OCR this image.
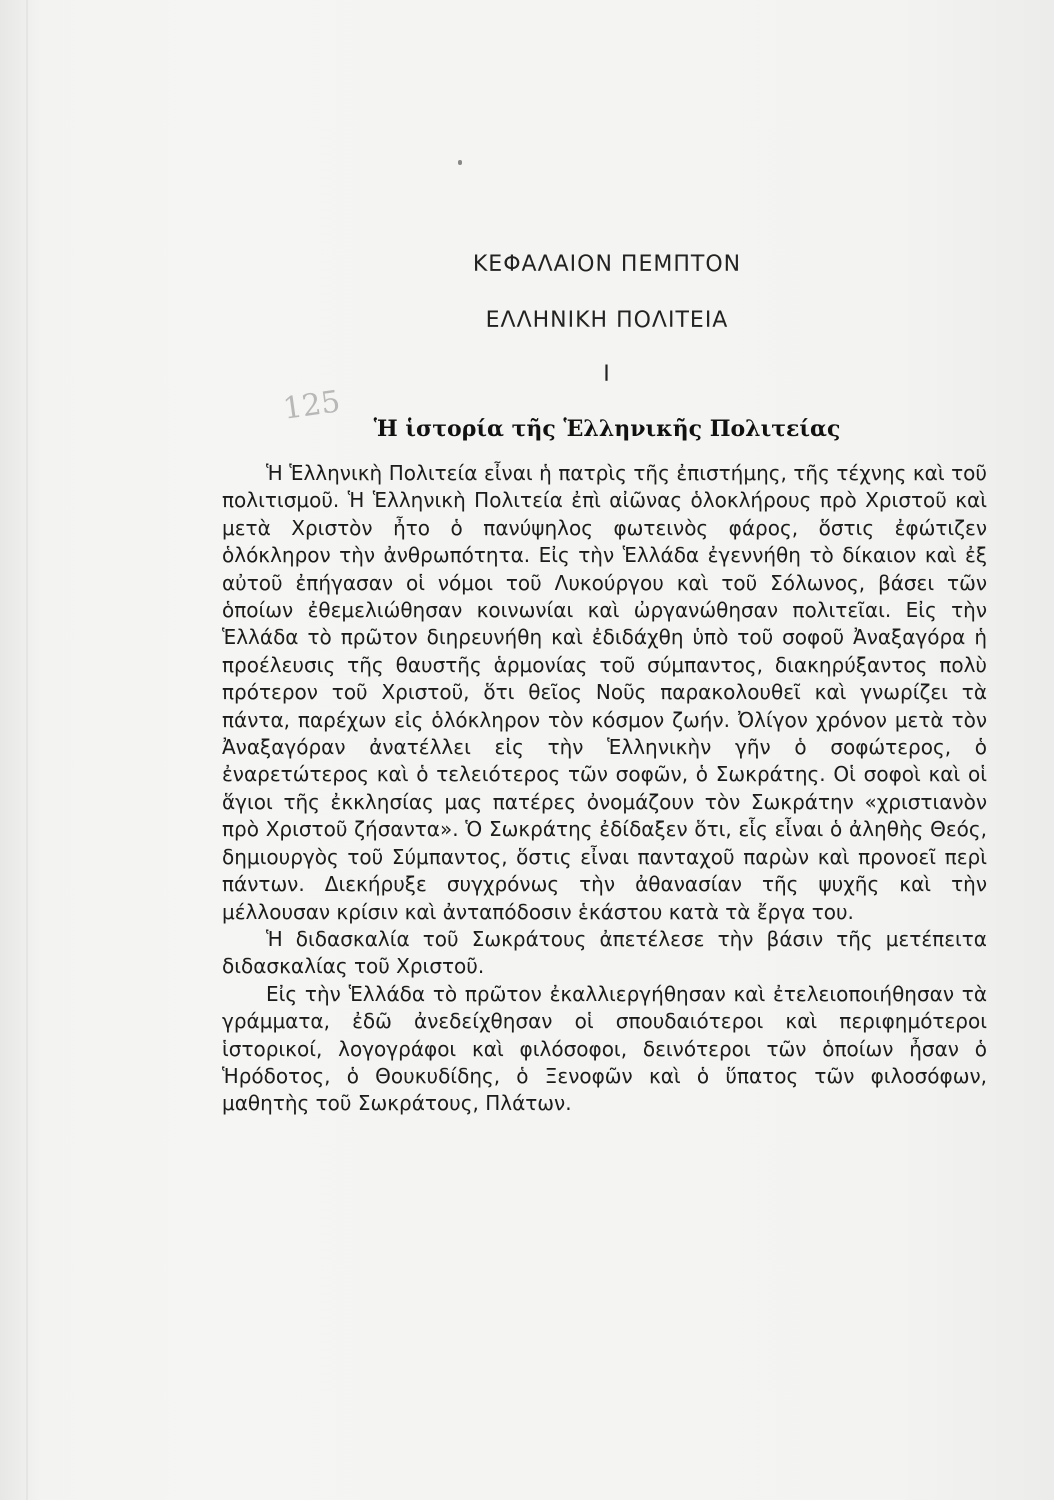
ΚΕΦΑΛΑΙΟΝ ΠΕΜΠΤΟΝ
ΕΛΛΗΝΙΚΗ ΠΟΛΙΤΕΙΑ
Ι
125
Ἡ ἱστορία τῆς Ἑλληνικῆς Πολιτείας

Ἡ Ἑλληνικὴ Πολιτεία εἶναι ἡ πατρὶς τῆς ἐπιστήμης, τῆς τέχνης καὶ τοῦ πολιτισμοῦ. Ἡ Ἑλληνικὴ Πολιτεία ἐπὶ αἰῶνας ὁλοκλήρους πρὸ Χριστοῦ καὶ μετὰ Χριστὸν ἦτο ὁ πανύψηλος φωτεινὸς φάρος, ὅστις ἐφώτιζεν ὁλόκληρον τὴν ἀνθρωπότητα. Εἰς τὴν Ἑλλάδα ἐγεννήθη τὸ δίκαιον καὶ ἐξ αὐτοῦ ἐπήγασαν οἱ νόμοι τοῦ Λυκούργου καὶ τοῦ Σόλωνος, βάσει τῶν ὁποίων ἐθεμελιώθησαν κοινωνίαι καὶ ὠργανώθησαν πολιτεῖαι. Εἰς τὴν Ἑλλάδα τὸ πρῶτον διηρευνήθη καὶ ἐδιδάχθη ὑπὸ τοῦ σοφοῦ Ἀναξαγόρα ἡ προέλευσις τῆς θαυστῆς ἁρμονίας τοῦ σύμπαντος, διακηρύξαντος πολὺ πρότερον τοῦ Χριστοῦ, ὅτι θεῖος Νοῦς παρακολουθεῖ καὶ γνωρίζει τὰ πάντα, παρέχων εἰς ὁλόκληρον τὸν κόσμον ζωήν. Ὀλίγον χρόνον μετὰ τὸν Ἀναξαγόραν ἀνατέλλει εἰς τὴν Ἑλληνικὴν γῆν ὁ σοφώτερος, ὁ ἐναρετώτερος καὶ ὁ τελειότερος τῶν σοφῶν, ὁ Σωκράτης. Οἱ σοφοὶ καὶ οἱ ἅγιοι τῆς ἐκκλησίας μας πατέρες ὀνομάζουν τὸν Σωκράτην «χριστιανὸν πρὸ Χριστοῦ ζήσαντα». Ὁ Σωκράτης ἐδίδαξεν ὅτι, εἷς εἶναι ὁ ἀληθὴς Θεός, δημιουργὸς τοῦ Σύμπαντος, ὅστις εἶναι πανταχοῦ παρὼν καὶ προνοεῖ περὶ πάντων. Διεκήρυξε συγχρόνως τὴν ἀθανασίαν τῆς ψυχῆς καὶ τὴν μέλλουσαν κρίσιν καὶ ἀνταπόδοσιν ἑκάστου κατὰ τὰ ἔργα του.

Ἡ διδασκαλία τοῦ Σωκράτους ἀπετέλεσε τὴν βάσιν τῆς μετέπειτα διδασκαλίας τοῦ Χριστοῦ.

Εἰς τὴν Ἑλλάδα τὸ πρῶτον ἐκαλλιεργήθησαν καὶ ἐτελειοποιήθησαν τὰ γράμματα, ἐδῶ ἀνεδείχθησαν οἱ σπουδαιότεροι καὶ περιφημότεροι ἱστορικοί, λογογράφοι καὶ φιλόσοφοι, δεινότεροι τῶν ὁποίων ἦσαν ὁ Ἡρόδοτος, ὁ Θουκυδίδης, ὁ Ξενοφῶν καὶ ὁ ὕπατος τῶν φιλοσόφων, μαθητὴς τοῦ Σωκράτους, Πλάτων.
